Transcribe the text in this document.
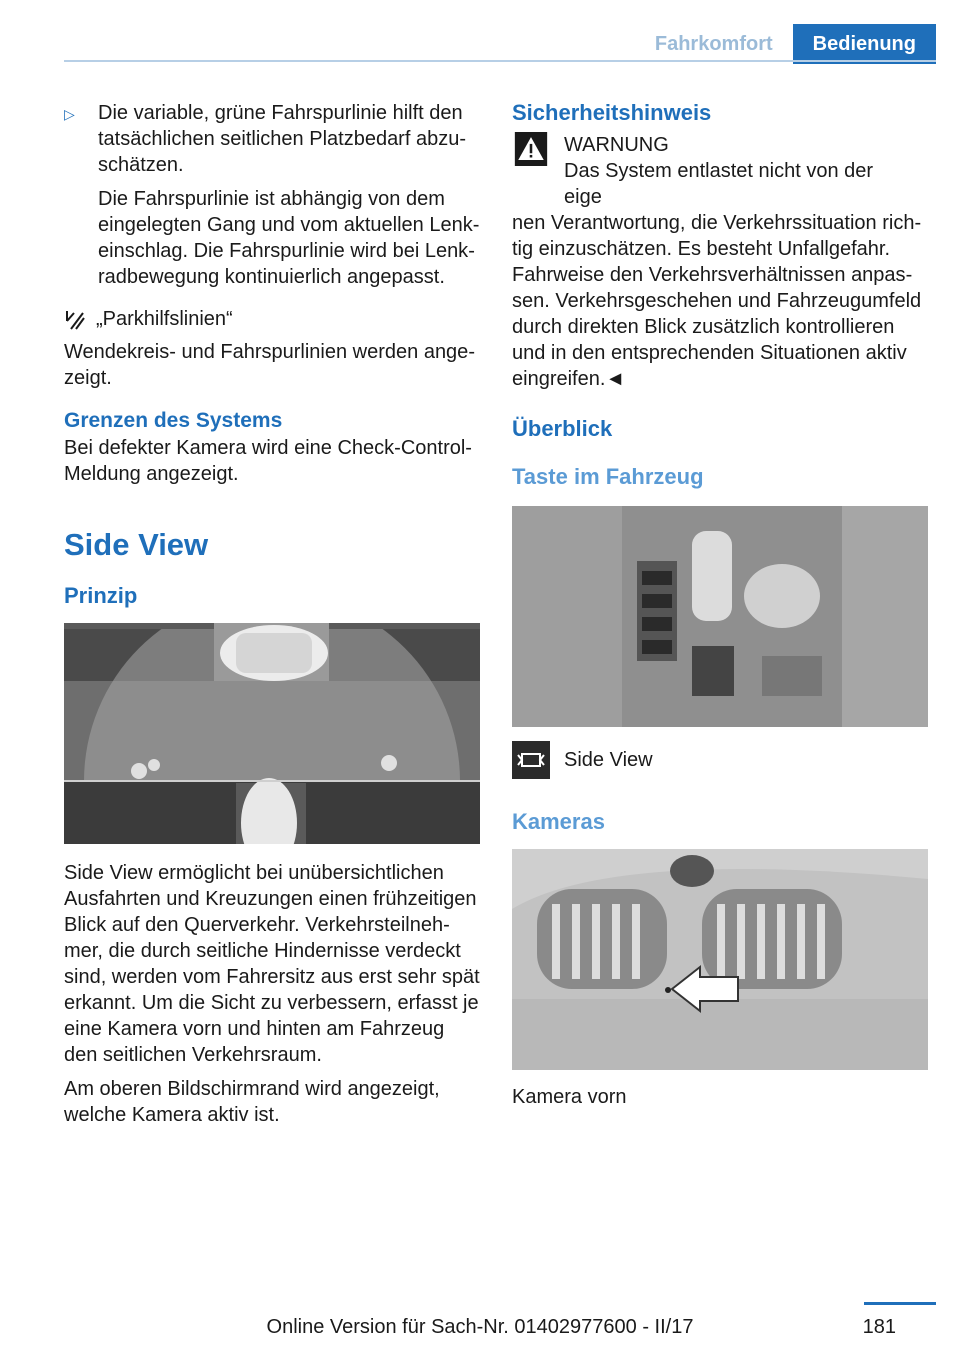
Fahrkomfort	Bedienung
▷	Die variable, grüne Fahrspurlinie hilft den tatsächlichen seitlichen Platzbedarf abzuschätzen.

Die Fahrspurlinie ist abhängig von dem eingelegten Gang und vom aktuellen Lenkeinschlag. Die Fahrspurlinie wird bei Lenkradbewegung kontinuierlich angepasst.

„Parkhilfslinien“

Wendekreis- und Fahrspurlinien werden angezeigt.

Grenzen des Systems

Bei defekter Kamera wird eine Check-Control-Meldung angezeigt.

Side View
Prinzip

Side View ermöglicht bei unübersichtlichen Ausfahrten und Kreuzungen einen frühzeitigen Blick auf den Querverkehr. Verkehrsteilnehmer, die durch seitliche Hindernisse verdeckt sind, werden vom Fahrersitz aus erst sehr spät erkannt. Um die Sicht zu verbessern, erfasst je eine Kamera vorn und hinten am Fahrzeug den seitlichen Verkehrsraum.

Am oberen Bildschirmrand wird angezeigt, welche Kamera aktiv ist.

Sicherheitshinweis
WARNUNG
Das System entlastet nicht von der eige

nen Verantwortung, die Verkehrssituation richtig einzuschätzen. Es besteht Unfallgefahr. Fahrweise den Verkehrsverhältnissen anpassen. Verkehrsgeschehen und Fahrzeugumfeld durch direkten Blick zusätzlich kontrollieren und in den entsprechenden Situationen aktiv eingreifen.◄

Überblick
Taste im Fahrzeug
Side View
Kameras

Kamera vorn

Online Version für Sach-Nr. 01402977600 - II/17	181
